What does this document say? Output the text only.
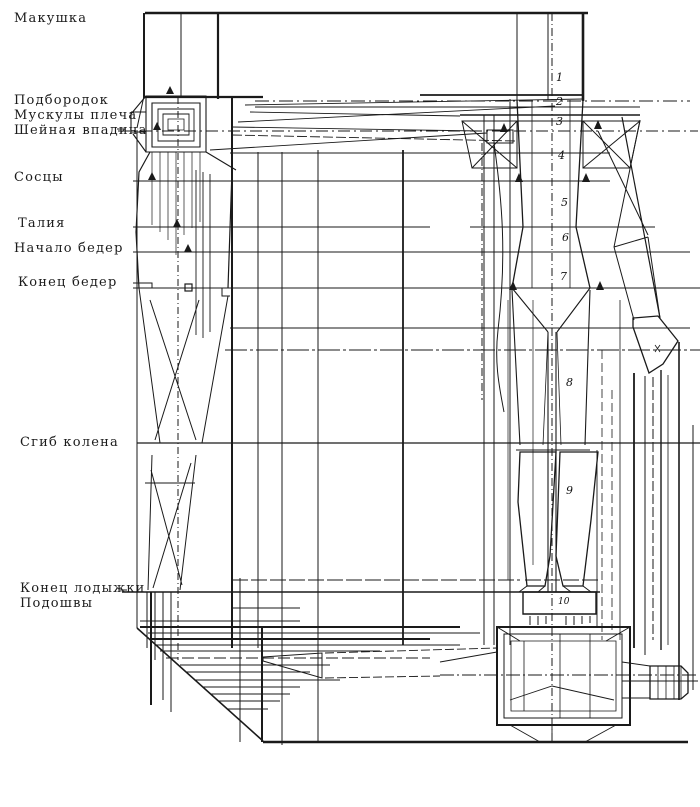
Макушка
Подбородок
Мускулы плеча
Шейная впадина
Сосцы
Талия
Начало бедер
Конец бедер
Сгиб колена
Конец лодыжки
Подошвы
1
2
3
4
5
6
7
8
9
10
